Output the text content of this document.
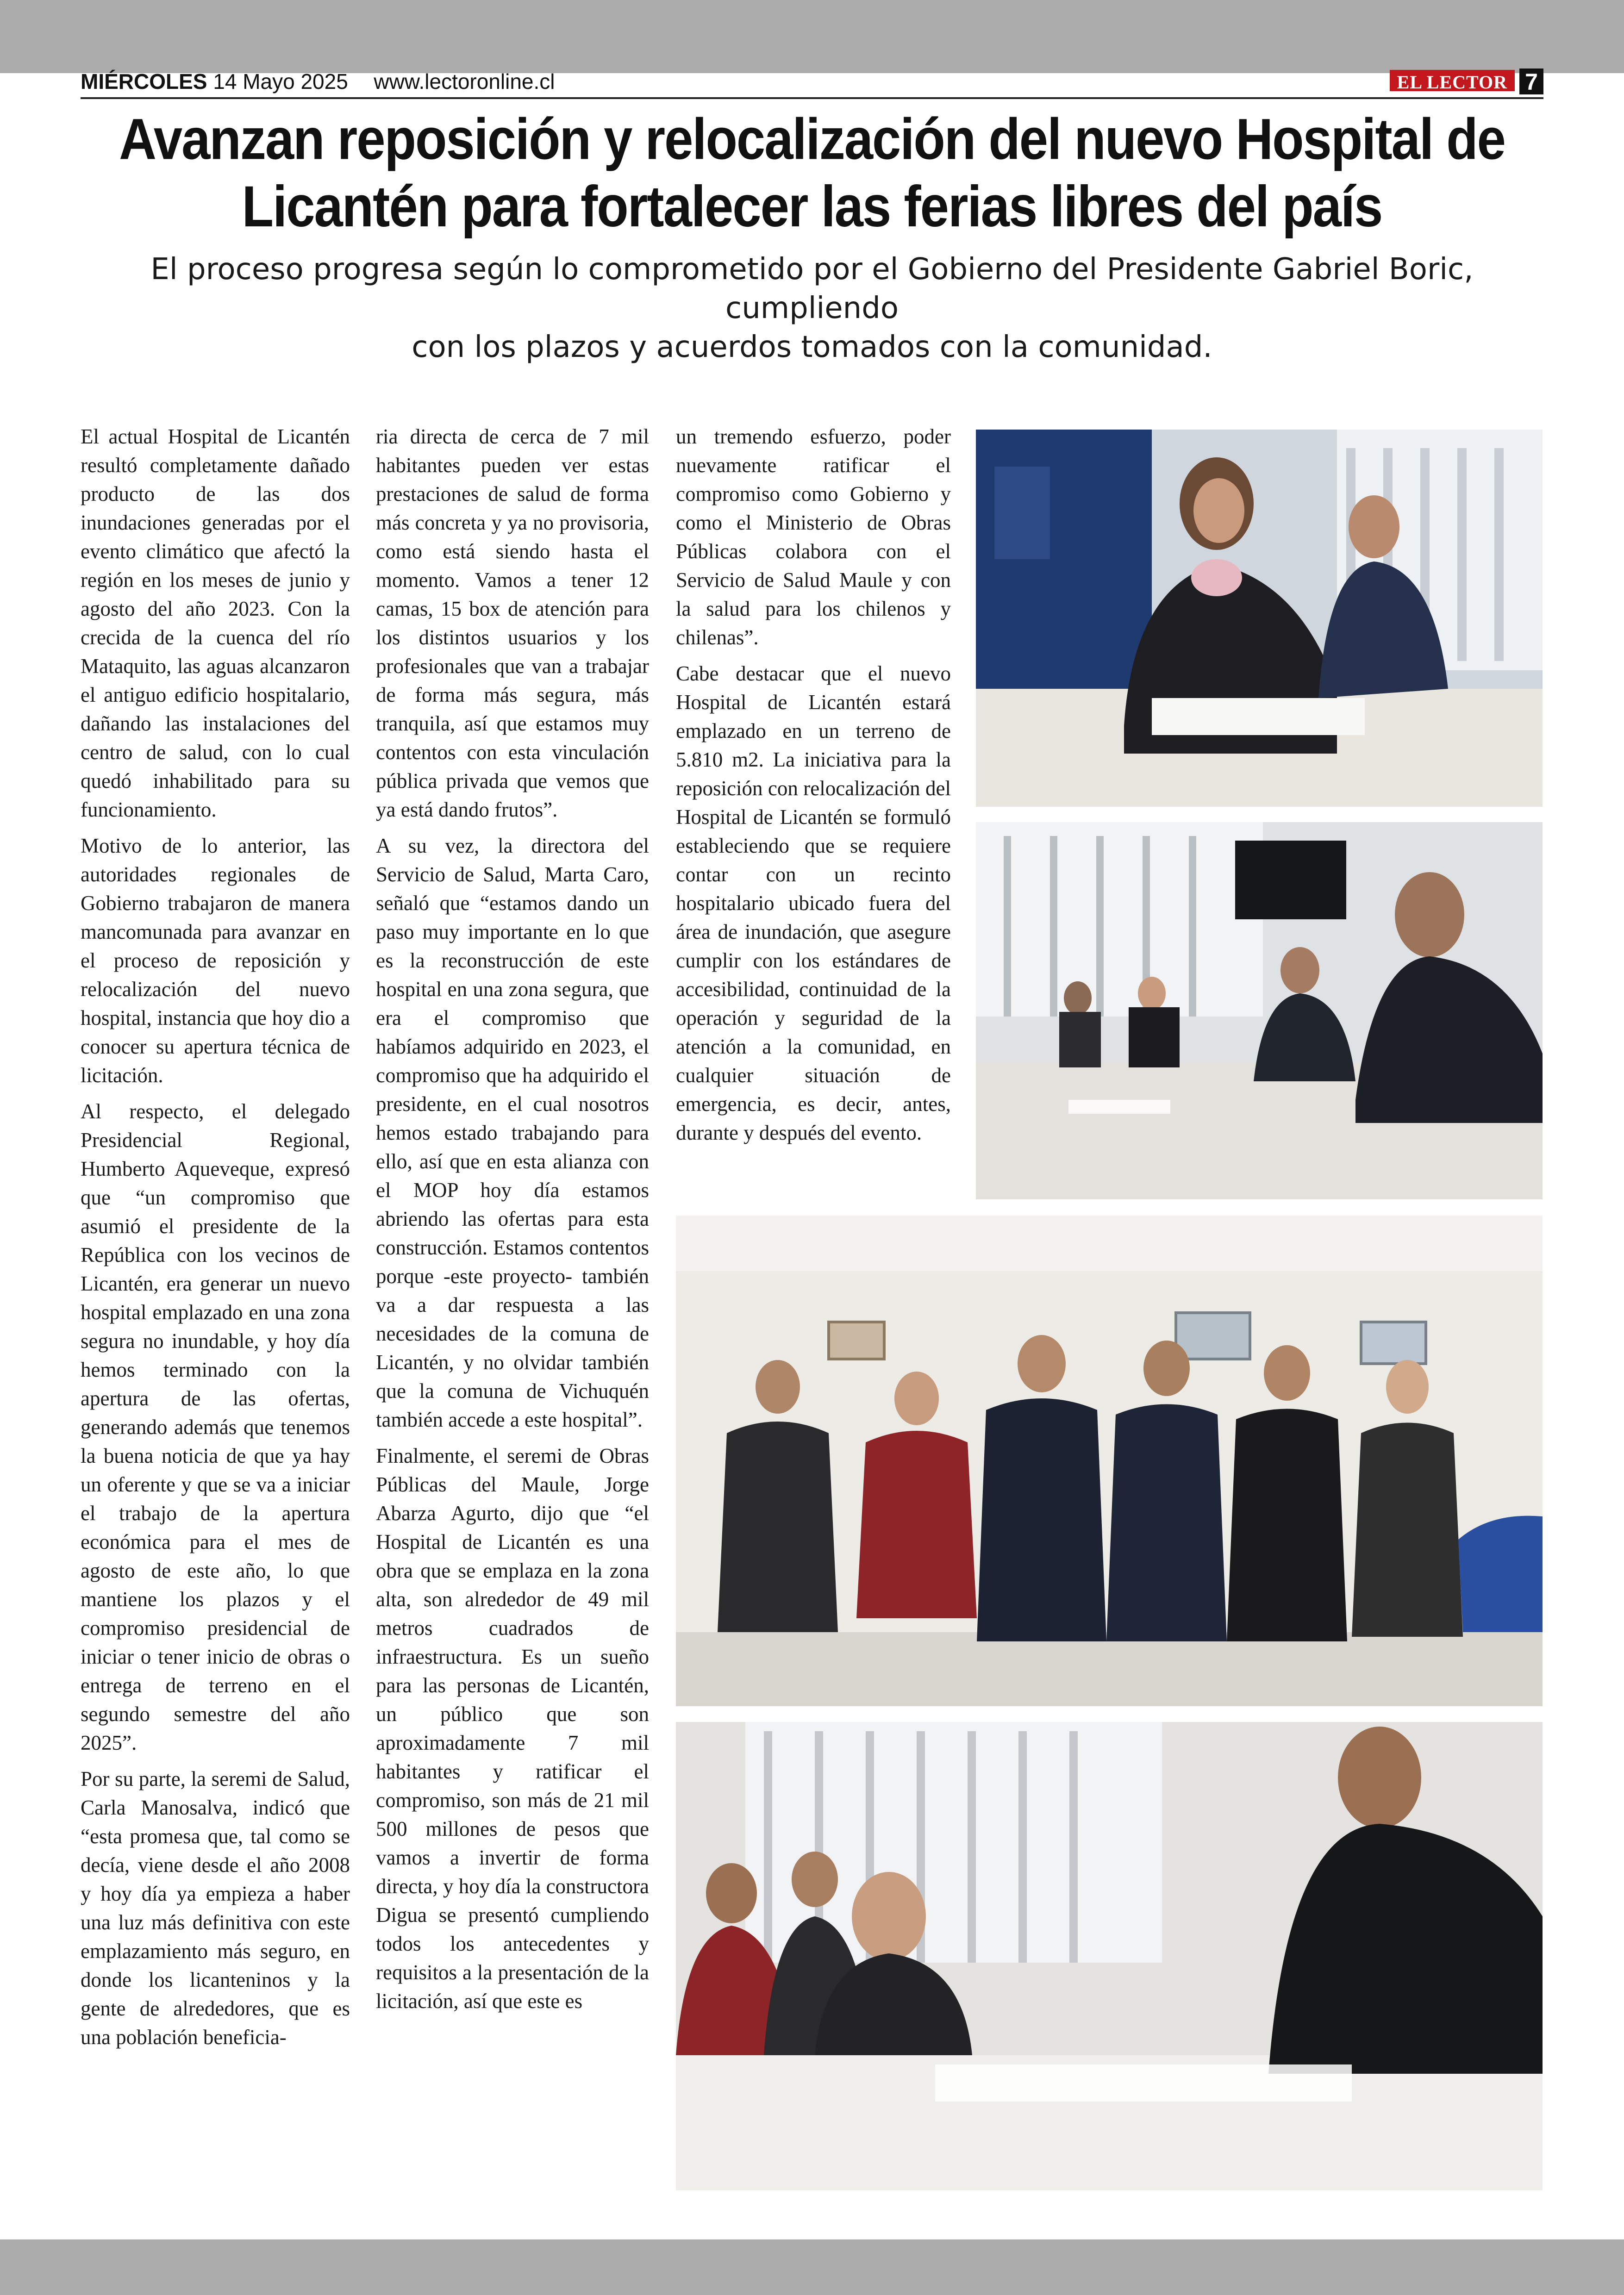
MIÉRCOLES 14 Mayo 2025 www.lectoronline.cl	EL LECTOR 7
Avanzan reposición y relocalización del nuevo Hospital de
Licantén para fortalecer las ferias libres del país

El proceso progresa según lo comprometido por el Gobierno del Presidente Gabriel Boric, cumpliendo
con los plazos y acuerdos tomados con la comunidad.

El actual Hospital de Licantén resultó completamente dañado producto de las dos inundaciones generadas por el evento climático que afectó la región en los meses de junio y agosto del año 2023. Con la crecida de la cuenca del río Mataquito, las aguas alcanzaron el antiguo edificio hospitalario, dañando las instalaciones del centro de salud, con lo cual quedó inhabilitado para su funcionamiento.

Motivo de lo anterior, las autoridades regionales de Gobierno trabajaron de manera mancomunada para avanzar en el proceso de reposición y relocalización del nuevo hospital, instancia que hoy dio a conocer su apertura técnica de licitación.

Al respecto, el delegado Presidencial Regional, Humberto Aqueveque, expresó que “un compromiso que asumió el presidente de la República con los vecinos de Licantén, era generar un nuevo hospital emplazado en una zona segura no inundable, y hoy día hemos terminado con la apertura de las ofertas, generando además que tenemos la buena noticia de que ya hay un oferente y que se va a iniciar el trabajo de la apertura económica para el mes de agosto de este año, lo que mantiene los plazos y el compromiso presidencial de iniciar o tener inicio de obras o entrega de terreno en el segundo semestre del año 2025”.

Por su parte, la seremi de Salud, Carla Manosalva, indicó que “esta promesa que, tal como se decía, viene desde el año 2008 y hoy día ya empieza a haber una luz más definitiva con este emplazamiento más seguro, en donde los licanteninos y la gente de alrededores, que es una población beneficia-

ria directa de cerca de 7 mil habitantes pueden ver estas prestaciones de salud de forma más concreta y ya no provisoria, como está siendo hasta el momento. Vamos a tener 12 camas, 15 box de atención para los distintos usuarios y los profesionales que van a trabajar de forma más segura, más tranquila, así que estamos muy contentos con esta vinculación pública privada que vemos que ya está dando frutos”.

A su vez, la directora del Servicio de Salud, Marta Caro, señaló que “estamos dando un paso muy importante en lo que es la reconstrucción de este hospital en una zona segura, que era el compromiso que habíamos adquirido en 2023, el compromiso que ha adquirido el presidente, en el cual nosotros hemos estado trabajando para ello, así que en esta alianza con el MOP hoy día estamos abriendo las ofertas para esta construcción. Estamos contentos porque -este proyecto- también va a dar respuesta a las necesidades de la comuna de Licantén, y no olvidar también que la comuna de Vichuquén también accede a este hospital”.

Finalmente, el seremi de Obras Públicas del Maule, Jorge Abarza Agurto, dijo que “el Hospital de Licantén es una obra que se emplaza en la zona alta, son alrededor de 49 mil metros cuadrados de infraestructura. Es un sueño para las personas de Licantén, un público que son aproximadamente 7 mil habitantes y ratificar el compromiso, son más de 21 mil 500 millones de pesos que vamos a invertir de forma directa, y hoy día la constructora Digua se presentó cumpliendo todos los antecedentes y requisitos a la presentación de la licitación, así que este es

un tremendo esfuerzo, poder nuevamente ratificar el compromiso como Gobierno y como el Ministerio de Obras Públicas colabora con el Servicio de Salud Maule y con la salud para los chilenos y chilenas”.

Cabe destacar que el nuevo Hospital de Licantén estará emplazado en un terreno de 5.810 m2. La iniciativa para la reposición con relocalización del Hospital de Licantén se formuló estableciendo que se requiere contar con un recinto hospitalario ubicado fuera del área de inundación, que asegure cumplir con los estándares de accesibilidad, continuidad de la operación y seguridad de la atención a la comunidad, en cualquier situación de emergencia, es decir, antes, durante y después del evento.
